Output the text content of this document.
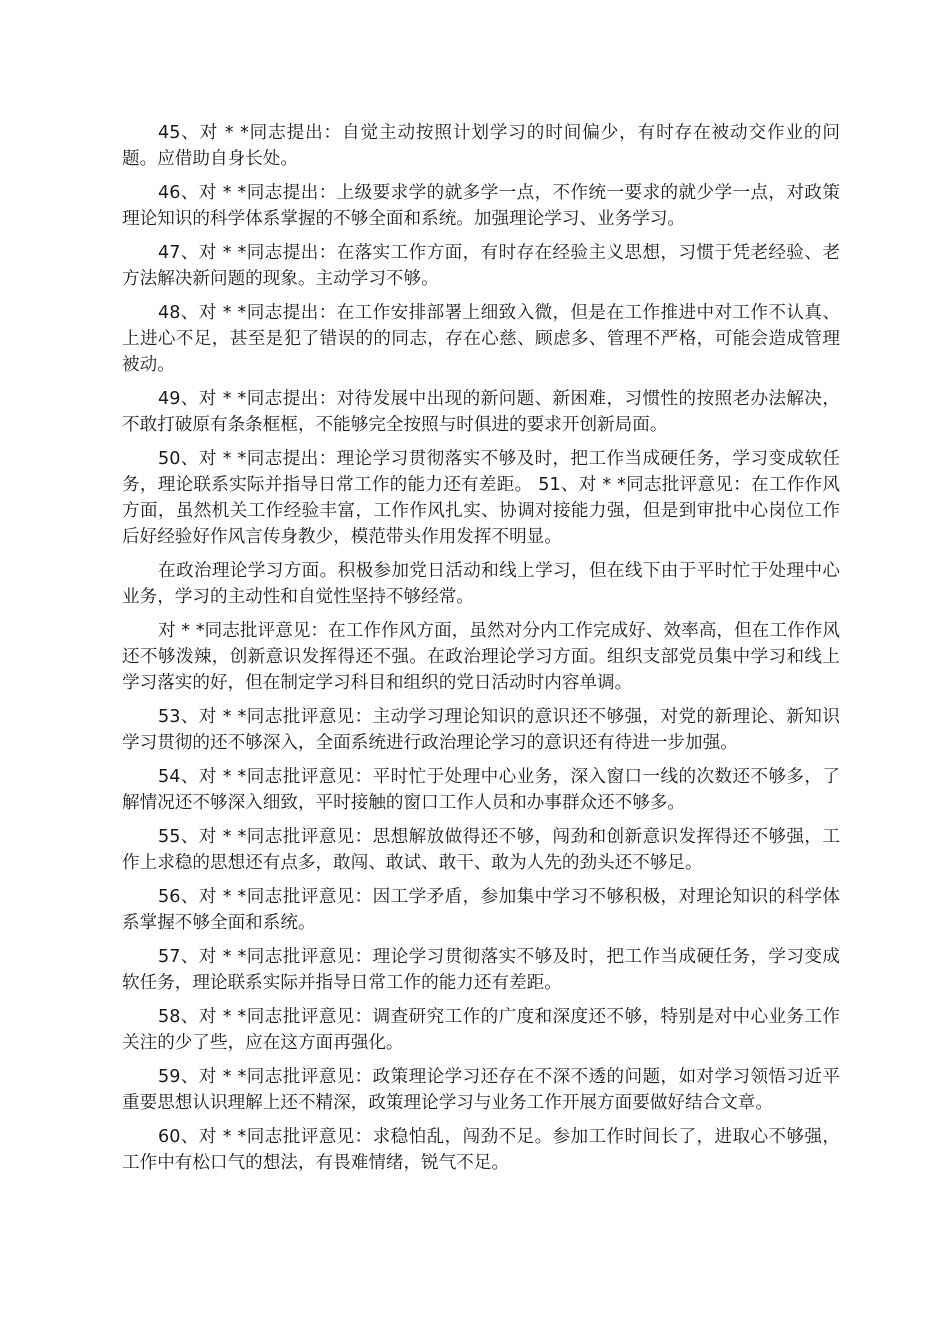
45、对 * *同志提出：自觉主动按照计划学习的时间偏少，有时存在被动交作业的问题。应借助自身长处。

46、对 * *同志提出：上级要求学的就多学一点，不作统一要求的就少学一点，对政策理论知识的科学体系掌握的不够全面和系统。加强理论学习、业务学习。

47、对 * *同志提出：在落实工作方面，有时存在经验主义思想，习惯于凭老经验、老方法解决新问题的现象。主动学习不够。

48、对 * *同志提出：在工作安排部署上细致入微，但是在工作推进中对工作不认真、上进心不足，甚至是犯了错误的的同志，存在心慈、顾虑多、管理不严格，可能会造成管理被动。

49、对 * *同志提出：对待发展中出现的新问题、新困难，习惯性的按照老办法解决，不敢打破原有条条框框，不能够完全按照与时俱进的要求开创新局面。

50、对 * *同志提出：理论学习贯彻落实不够及时，把工作当成硬任务，学习变成软任务，理论联系实际并指导日常工作的能力还有差距。 51、对 * *同志批评意见：在工作作风方面，虽然机关工作经验丰富，工作作风扎实、协调对接能力强，但是到审批中心岗位工作后好经验好作风言传身教少，模范带头作用发挥不明显。

在政治理论学习方面。积极参加党日活动和线上学习，但在线下由于平时忙于处理中心业务，学习的主动性和自觉性坚持不够经常。

对 * *同志批评意见：在工作作风方面，虽然对分内工作完成好、效率高，但在工作作风还不够泼辣，创新意识发挥得还不强。在政治理论学习方面。组织支部党员集中学习和线上学习落实的好，但在制定学习科目和组织的党日活动时内容单调。

53、对 * *同志批评意见：主动学习理论知识的意识还不够强，对党的新理论、新知识学习贯彻的还不够深入，全面系统进行政治理论学习的意识还有待进一步加强。

54、对 * *同志批评意见：平时忙于处理中心业务，深入窗口一线的次数还不够多，了解情况还不够深入细致，平时接触的窗口工作人员和办事群众还不够多。

55、对 * *同志批评意见：思想解放做得还不够，闯劲和创新意识发挥得还不够强，工作上求稳的思想还有点多，敢闯、敢试、敢干、敢为人先的劲头还不够足。

56、对 * *同志批评意见：因工学矛盾，参加集中学习不够积极，对理论知识的科学体系掌握不够全面和系统。

57、对 * *同志批评意见：理论学习贯彻落实不够及时，把工作当成硬任务，学习变成软任务，理论联系实际并指导日常工作的能力还有差距。

58、对 * *同志批评意见：调查研究工作的广度和深度还不够，特别是对中心业务工作关注的少了些，应在这方面再强化。

59、对 * *同志批评意见：政策理论学习还存在不深不透的问题，如对学习领悟习近平重要思想认识理解上还不精深，政策理论学习与业务工作开展方面要做好结合文章。

60、对 * *同志批评意见：求稳怕乱，闯劲不足。参加工作时间长了，进取心不够强，工作中有松口气的想法，有畏难情绪，锐气不足。
